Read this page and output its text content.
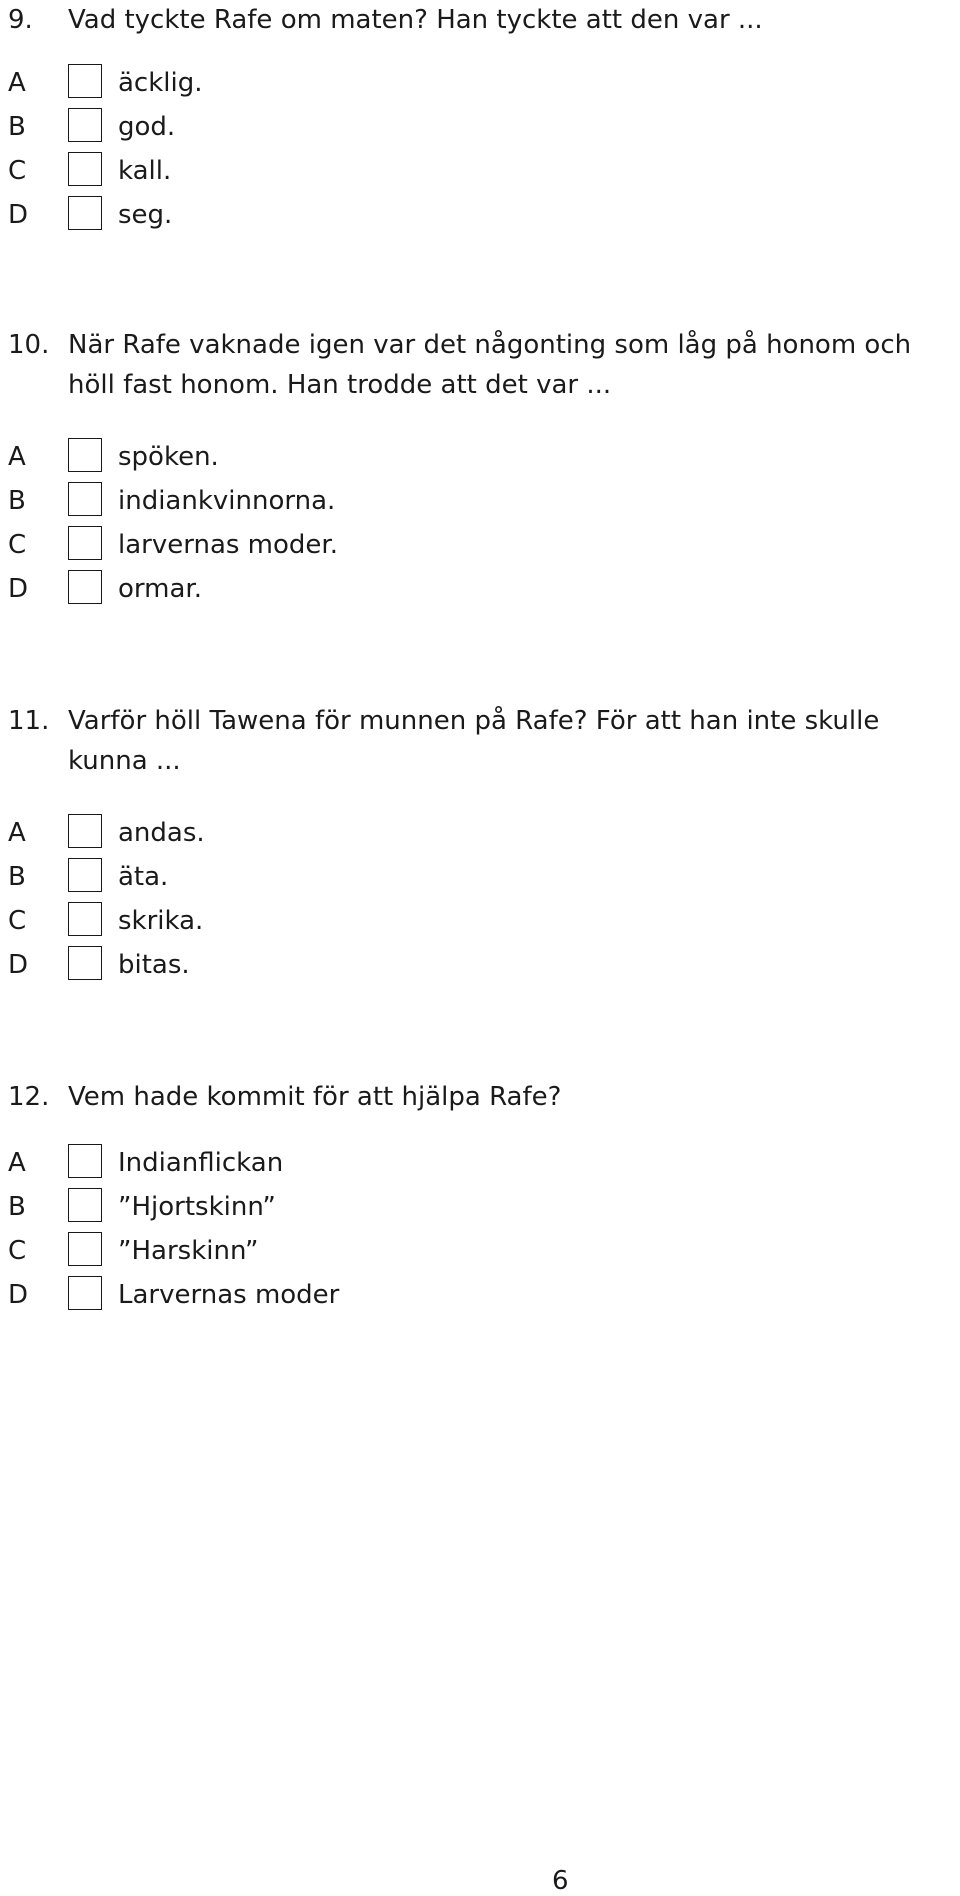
9. Vad tyckte Rafe om maten? Han tyckte att den var ...
A	äcklig.
B	god.
C	kall.
D	seg.
10. När Rafe vaknade igen var det någonting som låg på honom och höll fast honom. Han trodde att det var ...
A	spöken.
B	indiankvinnorna.
C	larvernas moder.
D	ormar.
11. Varför höll Tawena för munnen på Rafe? För att han inte skulle kunna ...
A	andas.
B	äta.
C	skrika.
D	bitas.
12. Vem hade kommit för att hjälpa Rafe?
A	Indianflickan
B	”Hjortskinn”
C	”Harskinn”
D	Larvernas moder
6
